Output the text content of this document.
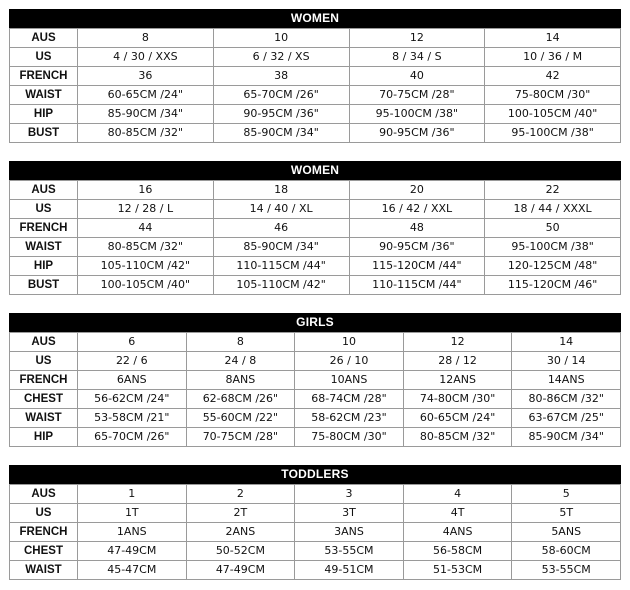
WOMEN
AUS	8	10	12	14
US	4 / 30 / XXS	6 / 32 / XS	8 / 34 / S	10 / 36 / M
FRENCH	36	38	40	42
WAIST	60-65CM /24"	65-70CM /26"	70-75CM /28"	75-80CM /30"
HIP	85-90CM /34"	90-95CM /36"	95-100CM /38"	100-105CM /40"
BUST	80-85CM /32"	85-90CM /34"	90-95CM /36"	95-100CM /38"
WOMEN
AUS	16	18	20	22
US	12 / 28 / L	14 / 40 / XL	16 / 42 / XXL	18 / 44 / XXXL
FRENCH	44	46	48	50
WAIST	80-85CM /32"	85-90CM /34"	90-95CM /36"	95-100CM /38"
HIP	105-110CM /42"	110-115CM /44"	115-120CM /44"	120-125CM /48"
BUST	100-105CM /40"	105-110CM /42"	110-115CM /44"	115-120CM /46"
GIRLS
AUS	6	8	10	12	14
US	22 / 6	24 / 8	26 / 10	28 / 12	30 / 14
FRENCH	6ANS	8ANS	10ANS	12ANS	14ANS
CHEST	56-62CM /24"	62-68CM /26"	68-74CM /28"	74-80CM /30"	80-86CM /32"
WAIST	53-58CM /21"	55-60CM /22"	58-62CM /23"	60-65CM /24"	63-67CM /25"
HIP	65-70CM /26"	70-75CM /28"	75-80CM /30"	80-85CM /32"	85-90CM /34"
TODDLERS
AUS	1	2	3	4	5
US	1T	2T	3T	4T	5T
FRENCH	1ANS	2ANS	3ANS	4ANS	5ANS
CHEST	47-49CM	50-52CM	53-55CM	56-58CM	58-60CM
WAIST	45-47CM	47-49CM	49-51CM	51-53CM	53-55CM
